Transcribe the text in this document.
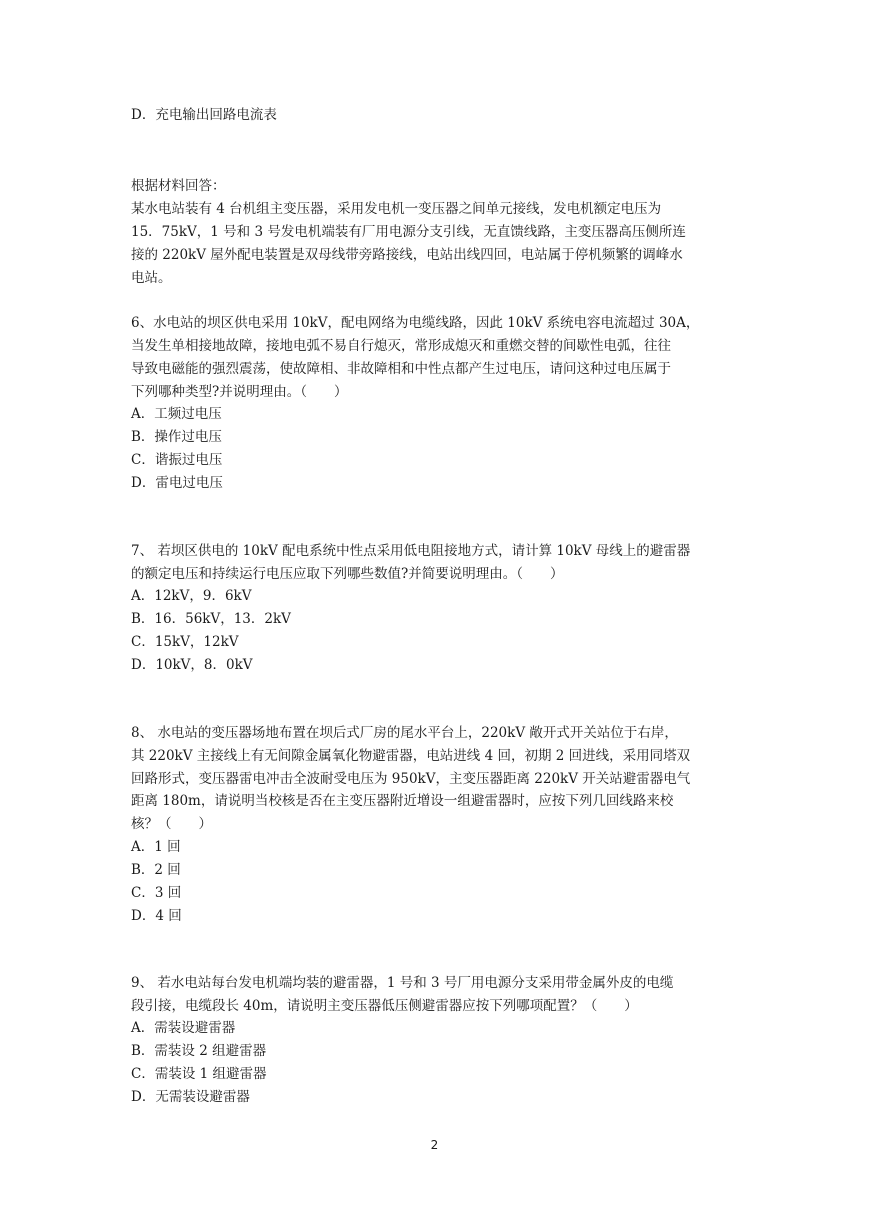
D．充电输出回路电流表
根据材料回答：
某水电站装有 4 台机组主变压器，采用发电机一变压器之间单元接线，发电机额定电压为
15．75kV，1 号和 3 号发电机端装有厂用电源分支引线，无直馈线路，主变压器高压侧所连
接的 220kV 屋外配电装置是双母线带旁路接线，电站出线四回，电站属于停机频繁的调峰水
电站。
6、水电站的坝区供电采用 10kV，配电网络为电缆线路，因此 10kV 系统电容电流超过 30A，
当发生单相接地故障，接地电弧不易自行熄灭，常形成熄灭和重燃交替的间歇性电弧，往往
导致电磁能的强烈震荡，使故障相、非故障相和中性点都产生过电压，请问这种过电压属于
下列哪种类型?并说明理由。（　　）
A．工频过电压
B．操作过电压
C．谐振过电压
D．雷电过电压
7、 若坝区供电的 10kV 配电系统中性点采用低电阻接地方式，请计算 10kV 母线上的避雷器
的额定电压和持续运行电压应取下列哪些数值?并简要说明理由。（　　）
A．12kV，9．6kV
B．16．56kV，13．2kV
C．15kV，12kV
D．10kV，8．0kV
8、 水电站的变压器场地布置在坝后式厂房的尾水平台上，220kV 敞开式开关站位于右岸，
其 220kV 主接线上有无间隙金属氧化物避雷器，电站进线 4 回，初期 2 回进线，采用同塔双
回路形式，变压器雷电冲击全波耐受电压为 950kV，主变压器距离 220kV 开关站避雷器电气
距离 180m，请说明当校核是否在主变压器附近增设一组避雷器时，应按下列几回线路来校
核？（　　）
A．1 回
B．2 回
C．3 回
D．4 回
9、 若水电站每台发电机端均装的避雷器，1 号和 3 号厂用电源分支采用带金属外皮的电缆
段引接，电缆段长 40m，请说明主变压器低压侧避雷器应按下列哪项配置？（　　）
A．需装设避雷器
B．需装设 2 组避雷器
C．需装设 1 组避雷器
D．无需装设避雷器
2
